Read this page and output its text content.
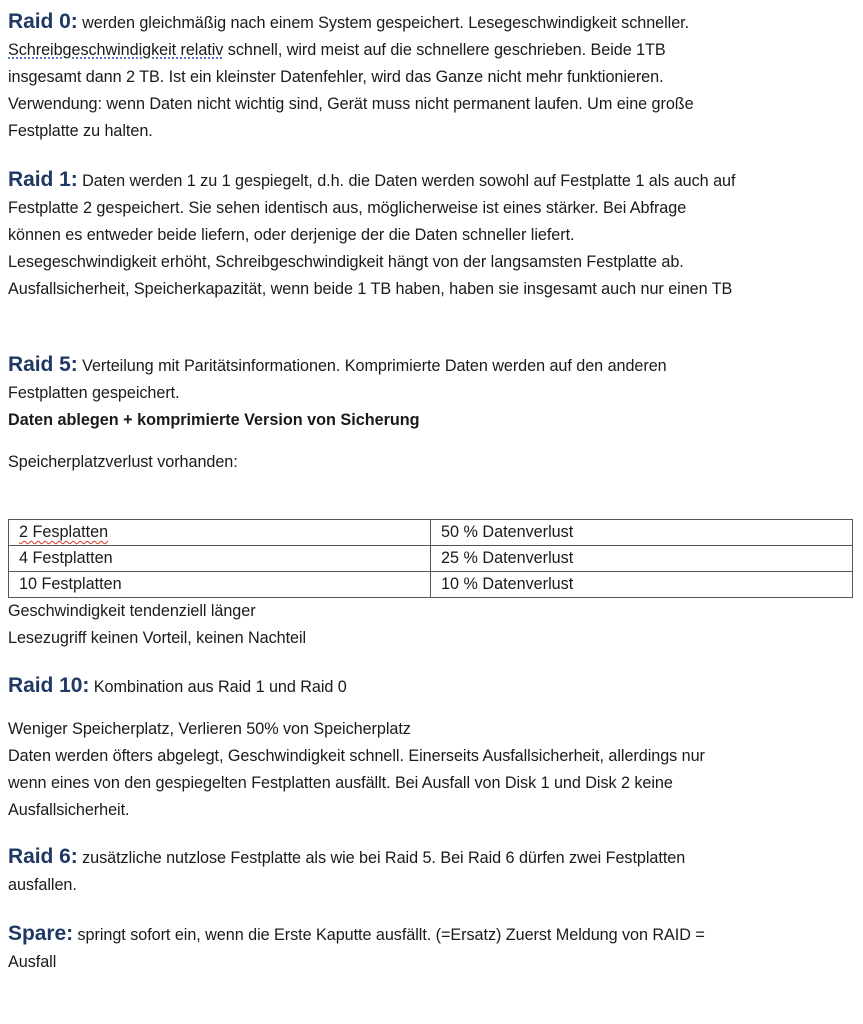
Raid 0: werden gleichmäßig nach einem System gespeichert. Lesegeschwindigkeit schneller.

Schreibgeschwindigkeit relativ schnell, wird meist auf die schnellere geschrieben. Beide 1TB

insgesamt dann 2 TB. Ist ein kleinster Datenfehler, wird das Ganze nicht mehr funktionieren.

Verwendung: wenn Daten nicht wichtig sind, Gerät muss nicht permanent laufen. Um eine große

Festplatte zu halten.

Raid 1: Daten werden 1 zu 1 gespiegelt, d.h. die Daten werden sowohl auf Festplatte 1 als auch auf

Festplatte 2 gespeichert. Sie sehen identisch aus, möglicherweise ist eines stärker. Bei Abfrage

können es entweder beide liefern, oder derjenige der die Daten schneller liefert.

Lesegeschwindigkeit erhöht, Schreibgeschwindigkeit hängt von der langsamsten Festplatte ab.

Ausfallsicherheit, Speicherkapazität, wenn beide 1 TB haben, haben sie insgesamt auch nur einen TB

Raid 5: Verteilung mit Paritätsinformationen. Komprimierte Daten werden auf den anderen

Festplatten gespeichert.

Daten ablegen + komprimierte Version von Sicherung

Speicherplatzverlust vorhanden:

2 Fesplatten	50 % Datenverlust
4 Festplatten	25 % Datenverlust
10 Festplatten	10 % Datenverlust

Geschwindigkeit tendenziell länger

Lesezugriff keinen Vorteil, keinen Nachteil

Raid 10: Kombination aus Raid 1 und Raid 0

Weniger Speicherplatz, Verlieren 50% von Speicherplatz

Daten werden öfters abgelegt, Geschwindigkeit schnell. Einerseits Ausfallsicherheit, allerdings nur

wenn eines von den gespiegelten Festplatten ausfällt. Bei Ausfall von Disk 1 und Disk 2 keine

Ausfallsicherheit.

Raid 6: zusätzliche nutzlose Festplatte als wie bei Raid 5. Bei Raid 6 dürfen zwei Festplatten

ausfallen.

Spare: springt sofort ein, wenn die Erste Kaputte ausfällt. (=Ersatz) Zuerst Meldung von RAID =

Ausfall
